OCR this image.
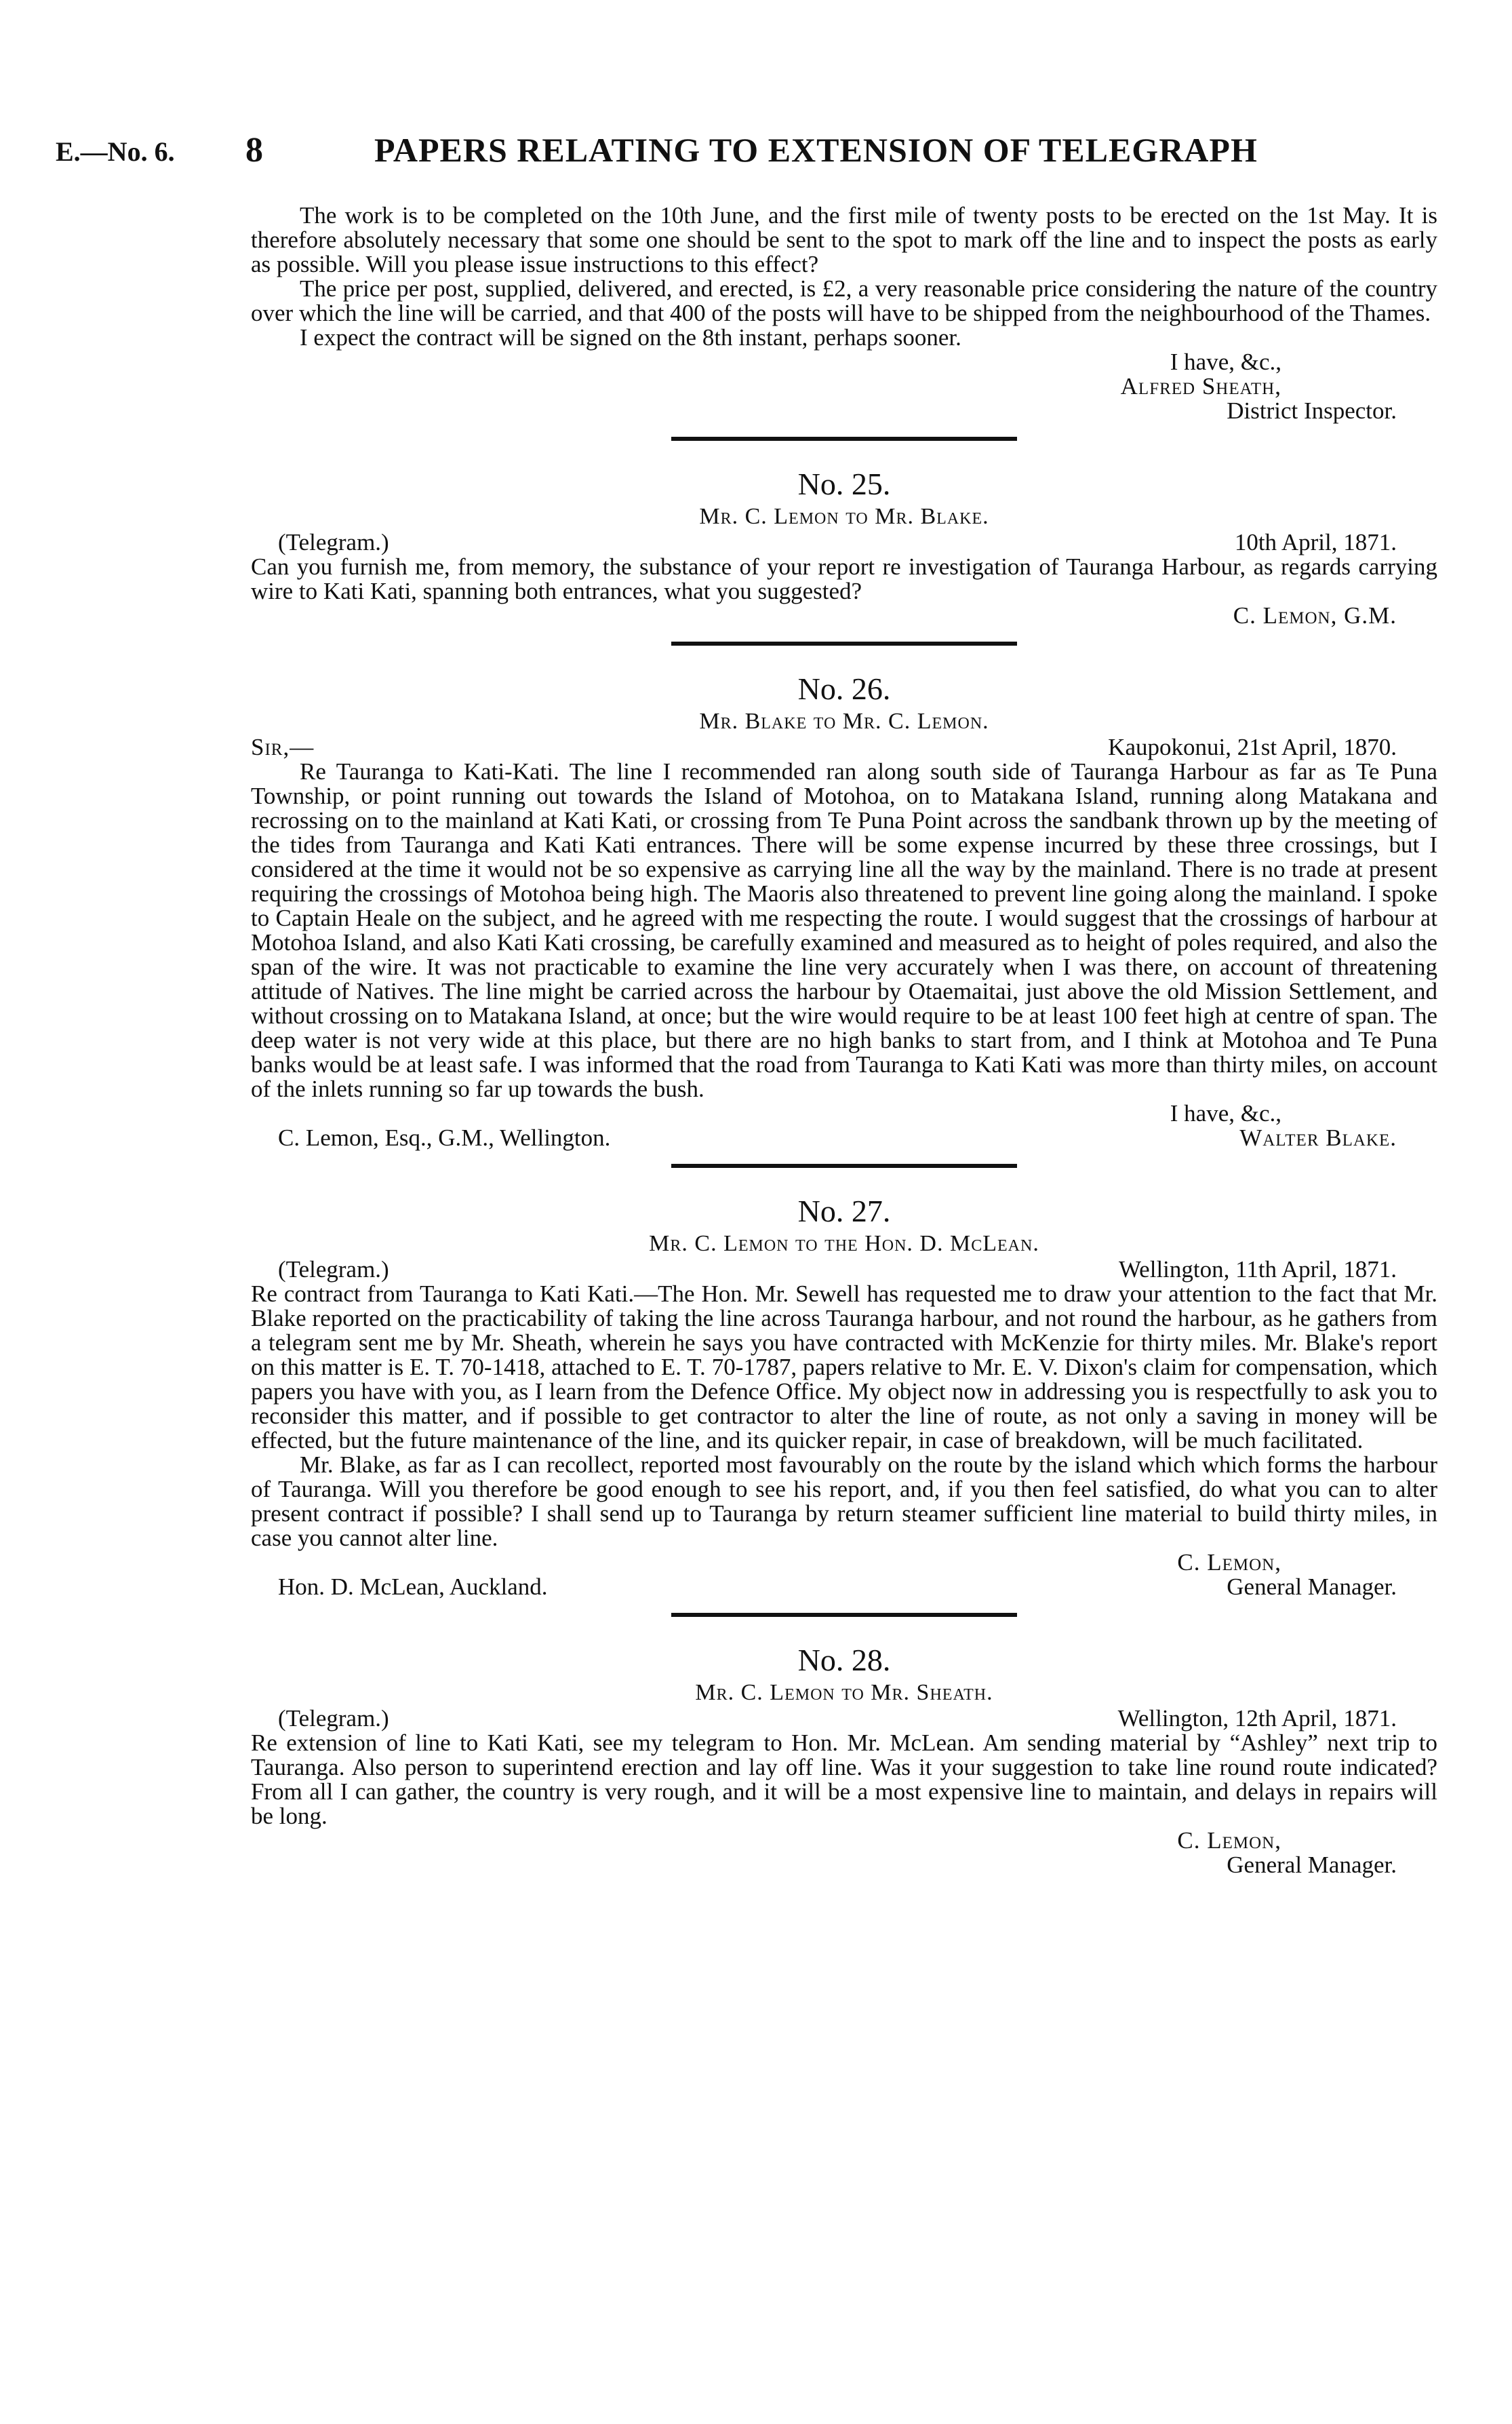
E.—No. 6. 8	PAPERS RELATING TO EXTENSION OF TELEGRAPH

The work is to be completed on the 10th June, and the first mile of twenty posts to be erected on the 1st May. It is therefore absolutely necessary that some one should be sent to the spot to mark off the line and to inspect the posts as early as possible. Will you please issue instructions to this effect?

The price per post, supplied, delivered, and erected, is £2, a very reasonable price considering the nature of the country over which the line will be carried, and that 400 of the posts will have to be shipped from the neighbourhood of the Thames.

I expect the contract will be signed on the 8th instant, perhaps sooner.

I have, &c.,
Alfred Sheath,
District Inspector.
No. 25.
Mr. C. Lemon to Mr. Blake.
(Telegram.)	10th April, 1871.

Can you furnish me, from memory, the substance of your report re investigation of Tauranga Harbour, as regards carrying wire to Kati Kati, spanning both entrances, what you suggested?

C. Lemon, G.M.
No. 26.
Mr. Blake to Mr. C. Lemon.
Sir,—	Kaupokonui, 21st April, 1870.

Re Tauranga to Kati-Kati. The line I recommended ran along south side of Tauranga Harbour as far as Te Puna Township, or point running out towards the Island of Motohoa, on to Matakana Island, running along Matakana and recrossing on to the mainland at Kati Kati, or crossing from Te Puna Point across the sandbank thrown up by the meeting of the tides from Tauranga and Kati Kati entrances. There will be some expense incurred by these three crossings, but I considered at the time it would not be so expensive as carrying line all the way by the mainland. There is no trade at present requiring the crossings of Motohoa being high. The Maoris also threatened to prevent line going along the mainland. I spoke to Captain Heale on the subject, and he agreed with me respecting the route. I would suggest that the crossings of harbour at Motohoa Island, and also Kati Kati crossing, be carefully examined and measured as to height of poles required, and also the span of the wire. It was not practicable to examine the line very accurately when I was there, on account of threatening attitude of Natives. The line might be carried across the harbour by Otaemaitai, just above the old Mission Settlement, and without crossing on to Matakana Island, at once; but the wire would require to be at least 100 feet high at centre of span. The deep water is not very wide at this place, but there are no high banks to start from, and I think at Motohoa and Te Puna banks would be at least safe. I was informed that the road from Tauranga to Kati Kati was more than thirty miles, on account of the inlets running so far up towards the bush.

I have, &c.,
C. Lemon, Esq., G.M., Wellington.	Walter Blake.
No. 27.
Mr. C. Lemon to the Hon. D. McLean.
(Telegram.)	Wellington, 11th April, 1871.

Re contract from Tauranga to Kati Kati.—The Hon. Mr. Sewell has requested me to draw your attention to the fact that Mr. Blake reported on the practicability of taking the line across Tauranga harbour, and not round the harbour, as he gathers from a telegram sent me by Mr. Sheath, wherein he says you have contracted with McKenzie for thirty miles. Mr. Blake's report on this matter is E. T. 70-1418, attached to E. T. 70-1787, papers relative to Mr. E. V. Dixon's claim for compensation, which papers you have with you, as I learn from the Defence Office. My object now in addressing you is respectfully to ask you to reconsider this matter, and if possible to get contractor to alter the line of route, as not only a saving in money will be effected, but the future maintenance of the line, and its quicker repair, in case of breakdown, will be much facilitated.

Mr. Blake, as far as I can recollect, reported most favourably on the route by the island which which forms the harbour of Tauranga. Will you therefore be good enough to see his report, and, if you then feel satisfied, do what you can to alter present contract if possible? I shall send up to Tauranga by return steamer sufficient line material to build thirty miles, in case you cannot alter line.

C. Lemon,
Hon. D. McLean, Auckland.	General Manager.
No. 28.
Mr. C. Lemon to Mr. Sheath.
(Telegram.)	Wellington, 12th April, 1871.

Re extension of line to Kati Kati, see my telegram to Hon. Mr. McLean. Am sending material by “Ashley” next trip to Tauranga. Also person to superintend erection and lay off line. Was it your suggestion to take line round route indicated? From all I can gather, the country is very rough, and it will be a most expensive line to maintain, and delays in repairs will be long.

C. Lemon,
General Manager.
